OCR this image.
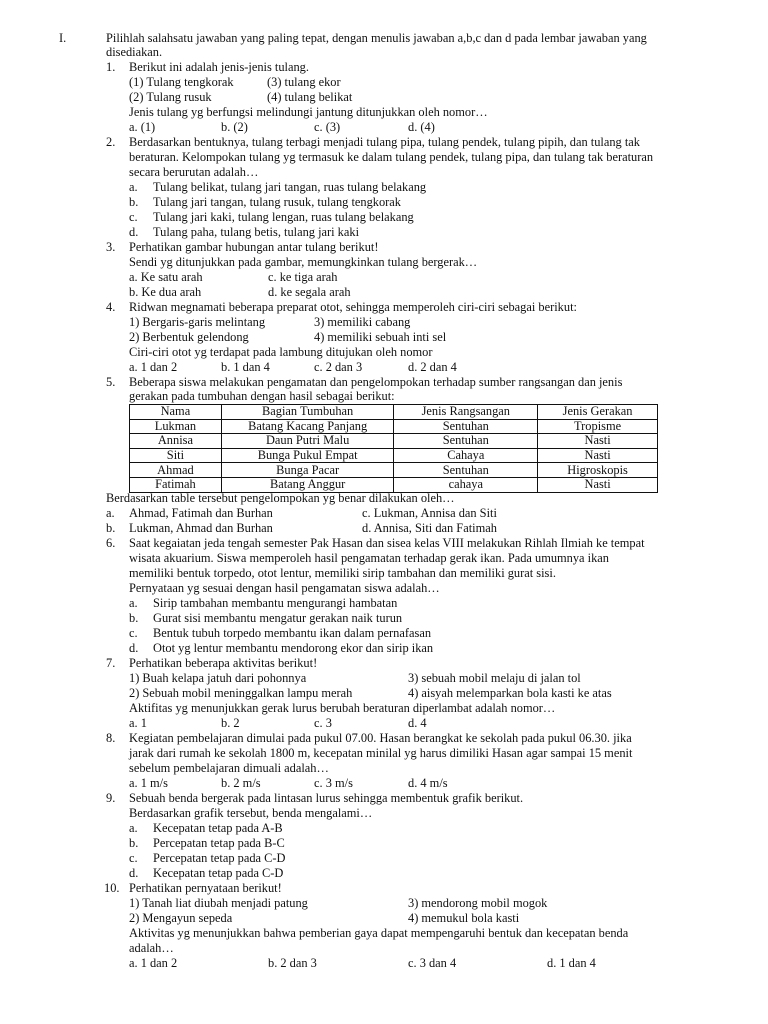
I.	Pilihlah salahsatu jawaban yang paling tepat, dengan menulis jawaban a,b,c dan d pada lembar jawaban yang
disediakan.
1. Berikut ini adalah jenis-jenis tulang.
(1) Tulang tengkorak	(3) tulang ekor
(2) Tulang rusuk	(4) tulang belikat
Jenis tulang yg berfungsi melindungi jantung ditunjukkan oleh nomor…
a. (1)	b. (2)	c. (3)	d. (4)
2. Berdasarkan bentuknya, tulang terbagi menjadi tulang pipa, tulang pendek, tulang pipih, dan tulang tak
beraturan. Kelompokan tulang yg termasuk ke dalam tulang pendek, tulang pipa, dan tulang tak beraturan
secara berurutan adalah…
a. Tulang belikat, tulang jari tangan, ruas tulang belakang
b. Tulang jari tangan, tulang rusuk, tulang tengkorak
c. Tulang jari kaki, tulang lengan, ruas tulang belakang
d. Tulang paha, tulang betis, tulang jari kaki
3. Perhatikan gambar hubungan antar tulang berikut!
Sendi yg ditunjukkan pada gambar, memungkinkan tulang bergerak…
a. Ke satu arah	c. ke tiga arah
b. Ke dua arah	d. ke segala arah
4. Ridwan megnamati beberapa preparat otot, sehingga memperoleh ciri-ciri sebagai berikut:
1) Bergaris-garis melintang	3) memiliki cabang
2) Berbentuk gelendong	4) memiliki sebuah inti sel
Ciri-ciri otot yg terdapat pada lambung ditujukan oleh nomor
a. 1 dan 2	b. 1 dan 4	c. 2 dan 3	d. 2 dan 4
5. Beberapa siswa melakukan pengamatan dan pengelompokan terhadap sumber rangsangan dan jenis
gerakan pada tumbuhan dengan hasil sebagai berikut:
Nama	Bagian Tumbuhan	Jenis Rangsangan	Jenis Gerakan
Lukman	Batang Kacang Panjang	Sentuhan	Tropisme
Annisa	Daun Putri Malu	Sentuhan	Nasti
Siti	Bunga Pukul Empat	Cahaya	Nasti
Ahmad	Bunga Pacar	Sentuhan	Higroskopis
Fatimah	Batang Anggur	cahaya	Nasti
Berdasarkan table tersebut pengelompokan yg benar dilakukan oleh…
a. Ahmad, Fatimah dan Burhan	c. Lukman, Annisa dan Siti
b. Lukman, Ahmad dan Burhan	d. Annisa, Siti dan Fatimah
6. Saat kegaiatan jeda tengah semester Pak Hasan dan sisea kelas VIII melakukan Rihlah Ilmiah ke tempat
wisata akuarium. Siswa memperoleh hasil pengamatan terhadap gerak ikan. Pada umumnya ikan
memiliki bentuk torpedo, otot lentur, memiliki sirip tambahan dan memiliki gurat sisi.
Pernyataan yg sesuai dengan hasil pengamatan siswa adalah…
a. Sirip tambahan membantu mengurangi hambatan
b. Gurat sisi membantu mengatur gerakan naik turun
c. Bentuk tubuh torpedo membantu ikan dalam pernafasan
d. Otot yg lentur membantu mendorong ekor dan sirip ikan
7. Perhatikan beberapa aktivitas berikut!
1) Buah kelapa jatuh dari pohonnya	3) sebuah mobil melaju di jalan tol
2) Sebuah mobil meninggalkan lampu merah	4) aisyah melemparkan bola kasti ke atas
Aktifitas yg menunjukkan gerak lurus berubah beraturan diperlambat adalah nomor…
a. 1	b. 2	c. 3	d. 4
8. Kegiatan pembelajaran dimulai pada pukul 07.00. Hasan berangkat ke sekolah pada pukul 06.30. jika
jarak dari rumah ke sekolah 1800 m, kecepatan minilal yg harus dimiliki Hasan agar sampai 15 menit
sebelum pembelajaran dimuali adalah…
a. 1 m/s	b. 2 m/s	c. 3 m/s	d. 4 m/s
9. Sebuah benda bergerak pada lintasan lurus sehingga membentuk grafik berikut.
Berdasarkan grafik tersebut, benda mengalami…
a. Kecepatan tetap pada A-B
b. Percepatan tetap pada B-C
c. Percepatan tetap pada C-D
d. Kecepatan tetap pada C-D
10. Perhatikan pernyataan berikut!
1) Tanah liat diubah menjadi patung	3) mendorong mobil mogok
2) Mengayun sepeda	4) memukul bola kasti
Aktivitas yg menunjukkan bahwa pemberian gaya dapat mempengaruhi bentuk dan kecepatan benda
adalah…
a. 1 dan 2	b. 2 dan 3	c. 3 dan 4	d. 1 dan 4
